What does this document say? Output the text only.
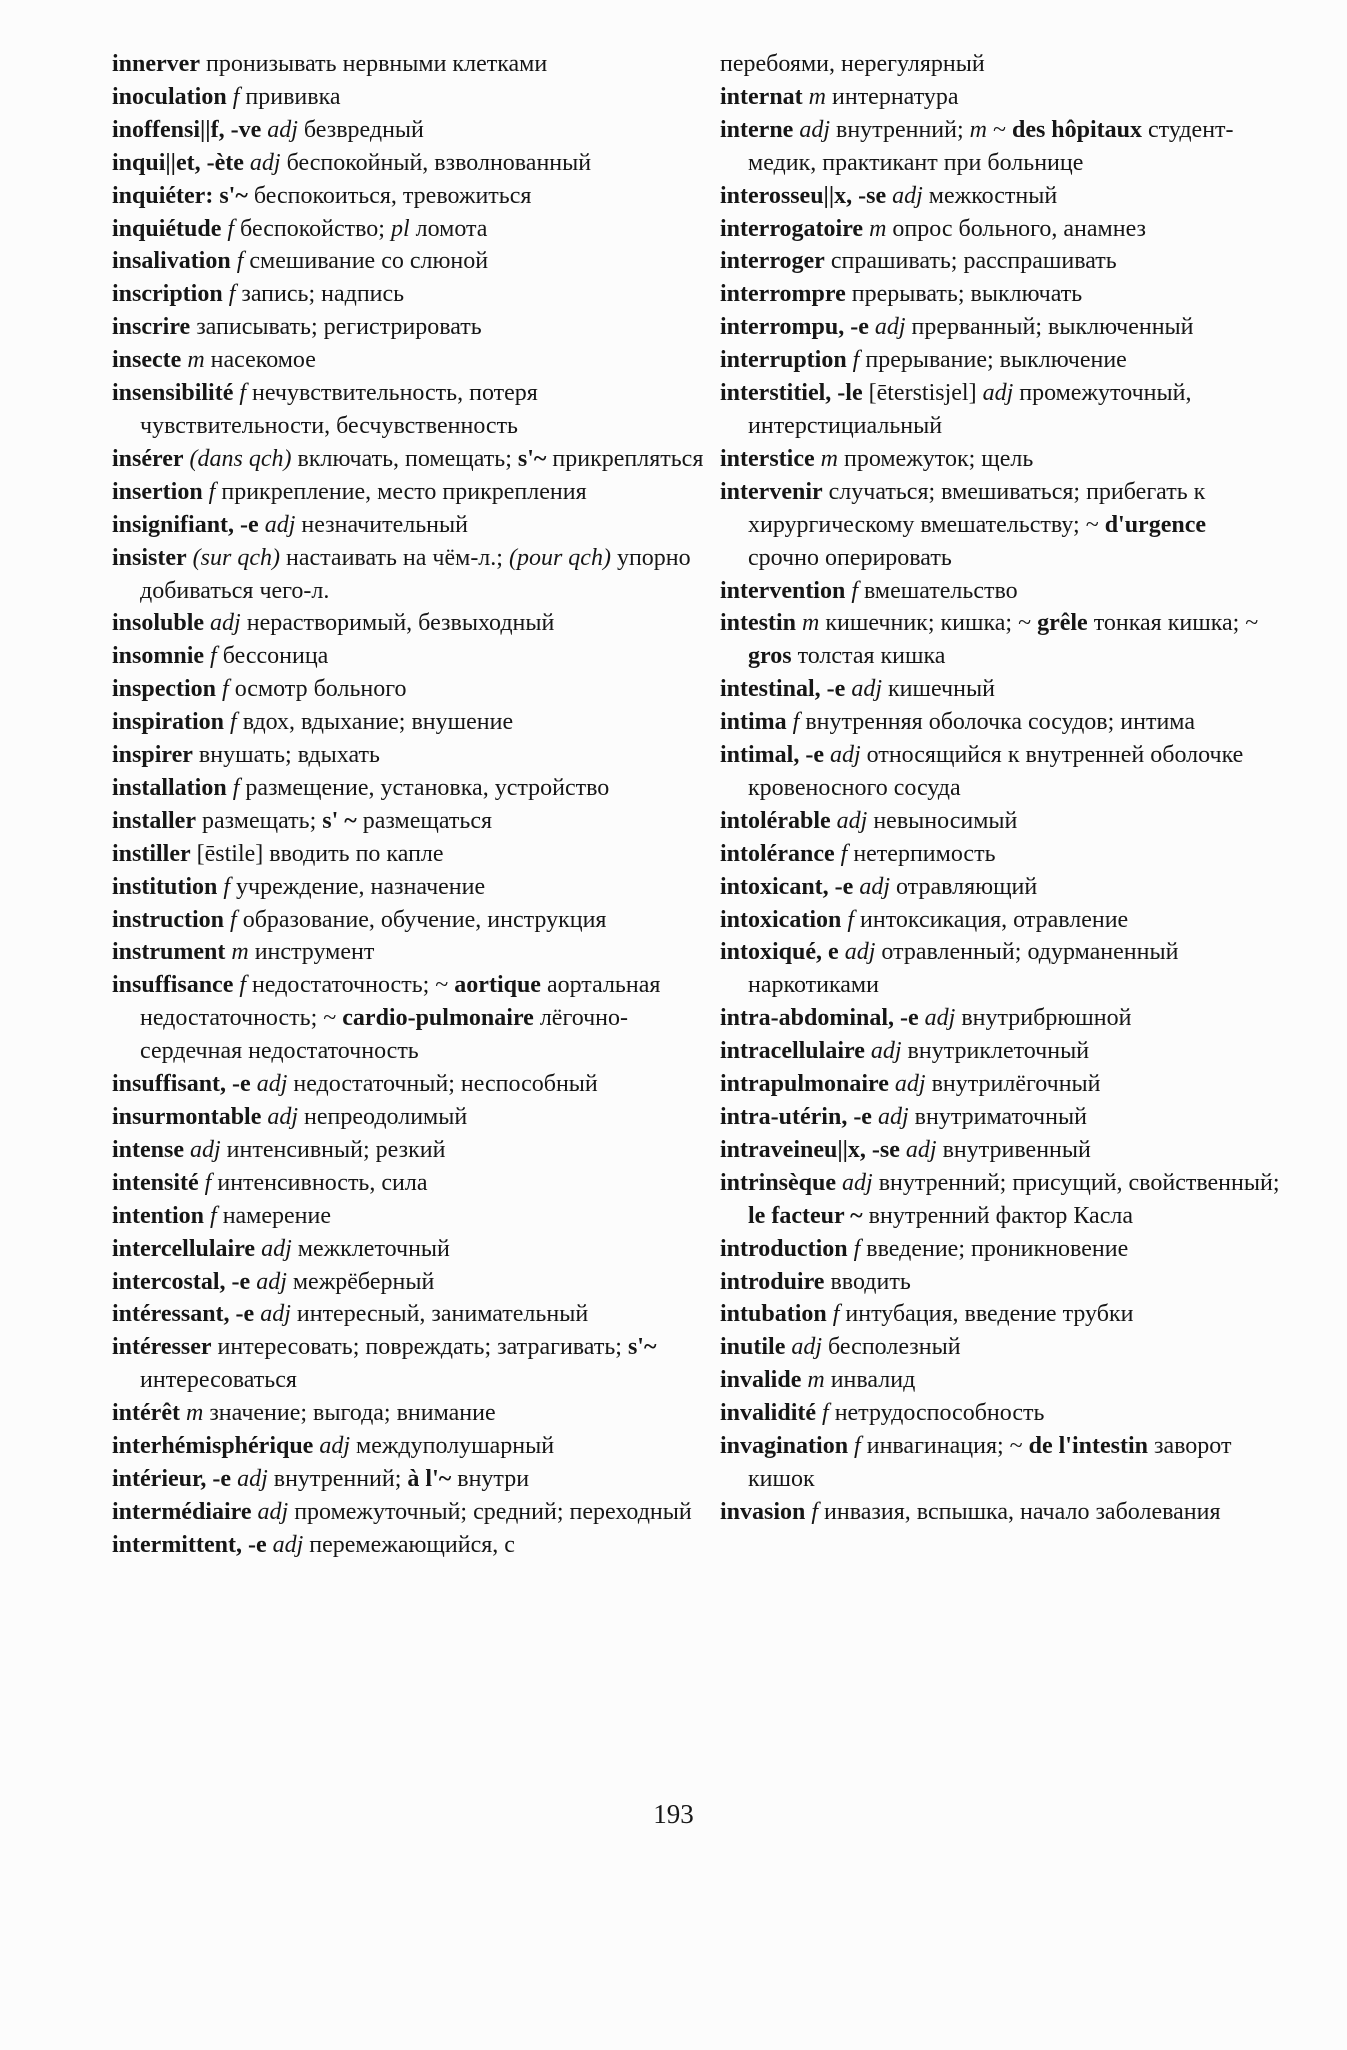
innerver пронизывать нервными клетками
inoculation f прививка
inoffensi||f, -ve adj безвредный
inqui||et, -ète adj беспокойный, взволнованный
inquiéter: s'~ беспокоиться, тревожиться
inquiétude f беспокойство; pl ломота
insalivation f смешивание со слюной
inscription f запись; надпись
inscrire записывать; регистрировать
insecte m насекомое
insensibilité f нечувствительность, потеря чувствительности, бесчувственность
insérer (dans qch) включать, помещать; s'~ прикрепляться
insertion f прикрепление, место прикрепления
insignifiant, -e adj незначительный
insister (sur qch) настаивать на чём-л.; (pour qch) упорно добиваться чего-л.
insoluble adj нерастворимый, безвыходный
insomnie f бессоница
inspection f осмотр больного
inspiration f вдох, вдыхание; внушение
inspirer внушать; вдыхать
installation f размещение, установка, устройство
installer размещать; s' ~ размещаться
instiller [ēstile] вводить по капле
institution f учреждение, назначение
instruction f образование, обучение, инструкция
instrument m инструмент
insuffisance f недостаточность; ~ aortique аортальная недостаточность; ~ cardio-pulmonaire лёгочно-сердечная недостаточность
insuffisant, -e adj недостаточный; неспособный
insurmontable adj непреодолимый
intense adj интенсивный; резкий
intensité f интенсивность, сила
intention f намерение
intercellulaire adj межклеточный
intercostal, -e adj межрёберный
intéressant, -e adj интересный, занимательный
intéresser интересовать; повреждать; затрагивать; s'~ интересоваться
intérêt m значение; выгода; внимание
interhémisphérique adj междуполушарный
intérieur, -e adj внутренний; à l'~ внутри
intermédiaire adj промежуточный; средний; переходный
intermittent, -e adj перемежающийся, с
перебоями, нерегулярный
internat m интернатура
interne adj внутренний; m ~ des hôpitaux студент-медик, практикант при больнице
interosseu||x, -se adj межкостный
interrogatoire m опрос больного, анамнез
interroger спрашивать; расспрашивать
interrompre прерывать; выключать
interrompu, -e adj прерванный; выключенный
interruption f прерывание; выключение
interstitiel, -le [ēterstisjel] adj промежуточный, интерстициальный
interstice m промежуток; щель
intervenir случаться; вмешиваться; прибегать к хирургическому вмешательству; ~ d'urgence срочно оперировать
intervention f вмешательство
intestin m кишечник; кишка; ~ grêle тонкая кишка; ~ gros толстая кишка
intestinal, -e adj кишечный
intima f внутренняя оболочка сосудов; интима
intimal, -e adj относящийся к внутренней оболочке кровеносного сосуда
intolérable adj невыносимый
intolérance f нетерпимость
intoxicant, -e adj отравляющий
intoxication f интоксикация, отравление
intoxiqué, e adj отравленный; одурманенный наркотиками
intra-abdominal, -e adj внутрибрюшной
intracellulaire adj внутриклеточный
intrapulmonaire adj внутрилёгочный
intra-utérin, -e adj внутриматочный
intraveineu||x, -se adj внутривенный
intrinsèque adj внутренний; присущий, свойственный; le facteur ~ внутренний фактор Касла
introduction f введение; проникновение
introduire вводить
intubation f интубация, введение трубки
inutile adj бесполезный
invalide m инвалид
invalidité f нетрудоспособность
invagination f инвагинация; ~ de l'intestin заворот кишок
invasion f инвазия, вспышка, начало заболевания
193
